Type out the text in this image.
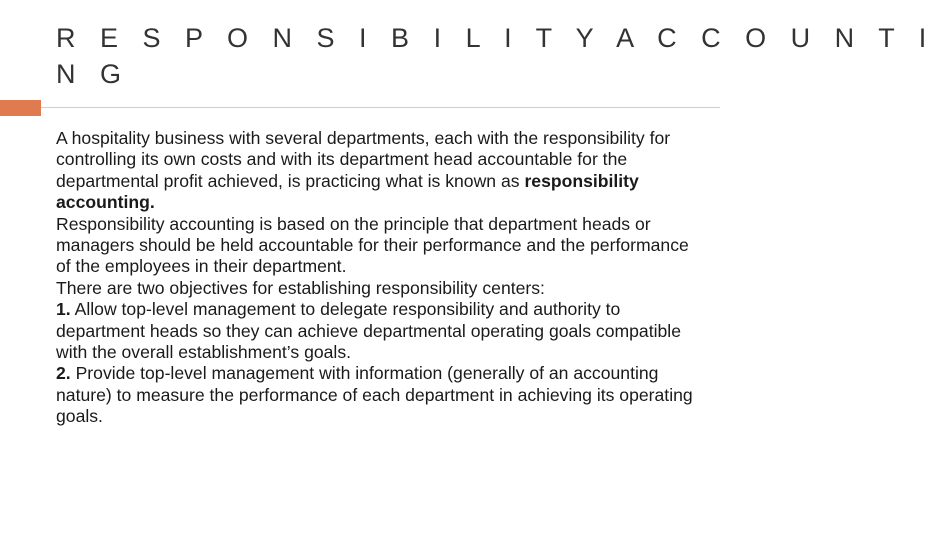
R E S P O N S I B I L I T Y A C C O U N T I
N G

A hospitality business with several departments, each with the responsibility for controlling its own costs and with its department head accountable for the departmental profit achieved, is practicing what is known as responsibility accounting.

Responsibility accounting is based on the principle that department heads or managers should be held accountable for their performance and the performance of the employees in their department.

There are two objectives for establishing responsibility centers:

1. Allow top-level management to delegate responsibility and authority to department heads so they can achieve departmental operating goals compatible with the overall establishment’s goals.

2. Provide top-level management with information (generally of an accounting nature) to measure the performance of each department in achieving its operating goals.
